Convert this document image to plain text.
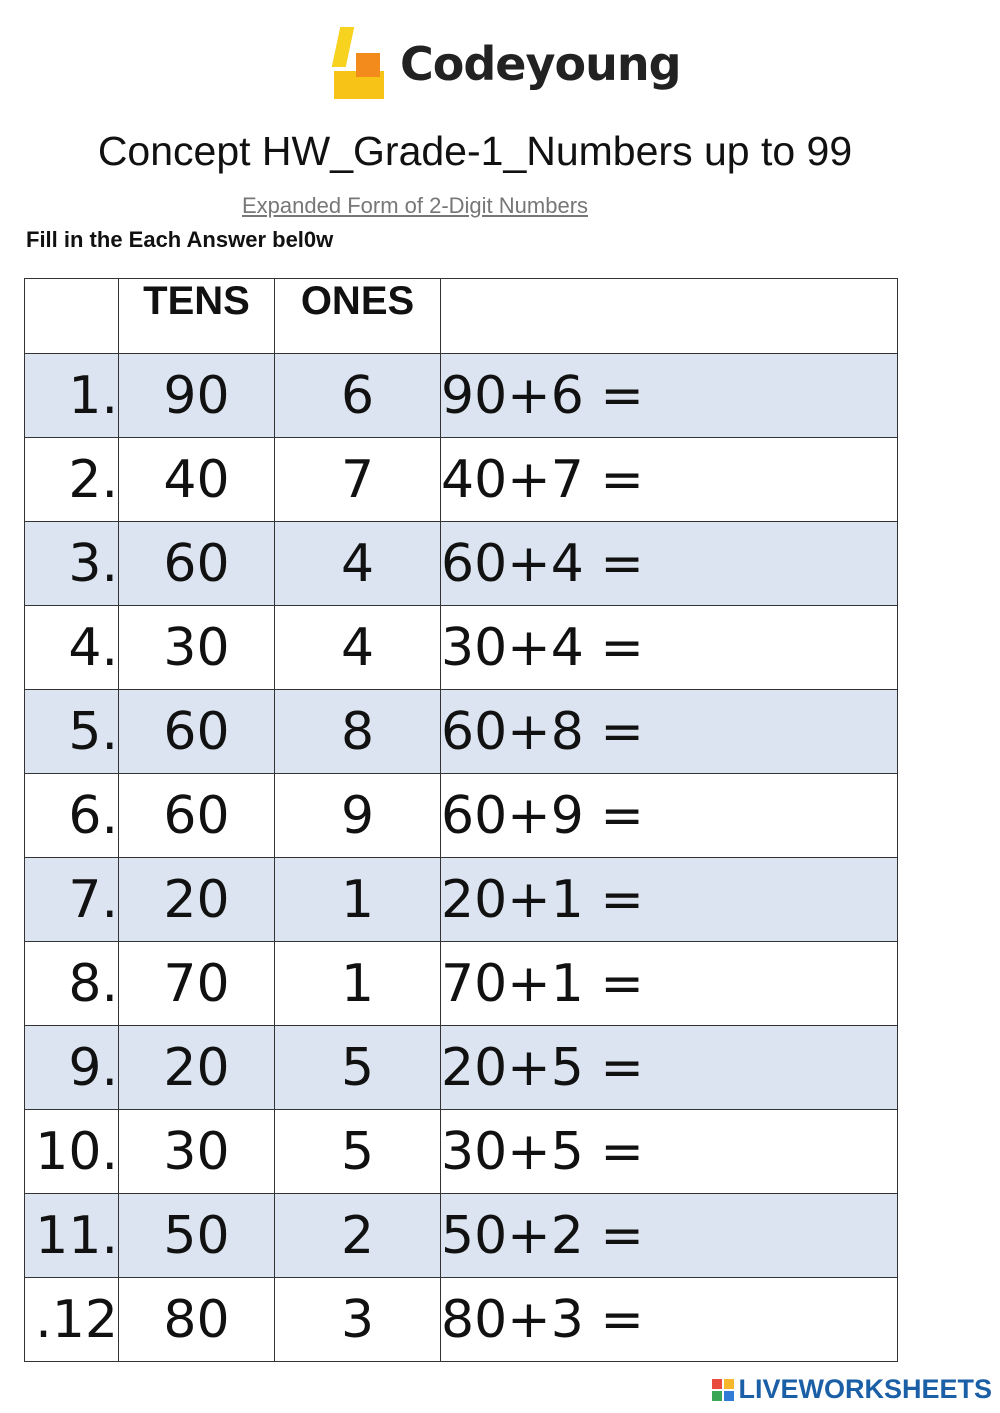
Codeyoung
Concept HW_Grade-1_Numbers up to 99
Expanded Form of 2-Digit Numbers
Fill in the Each Answer bel0w
	TENS	ONES	
1.	90	6	90+6 =
2.	40	7	40+7 =
3.	60	4	60+4 =
4.	30	4	30+4 =
5.	60	8	60+8 =
6.	60	9	60+9 =
7.	20	1	20+1 =
8.	70	1	70+1 =
9.	20	5	20+5 =
10.	30	5	30+5 =
11.	50	2	50+2 =
.12	80	3	80+3 =
LIVEWORKSHEETS
